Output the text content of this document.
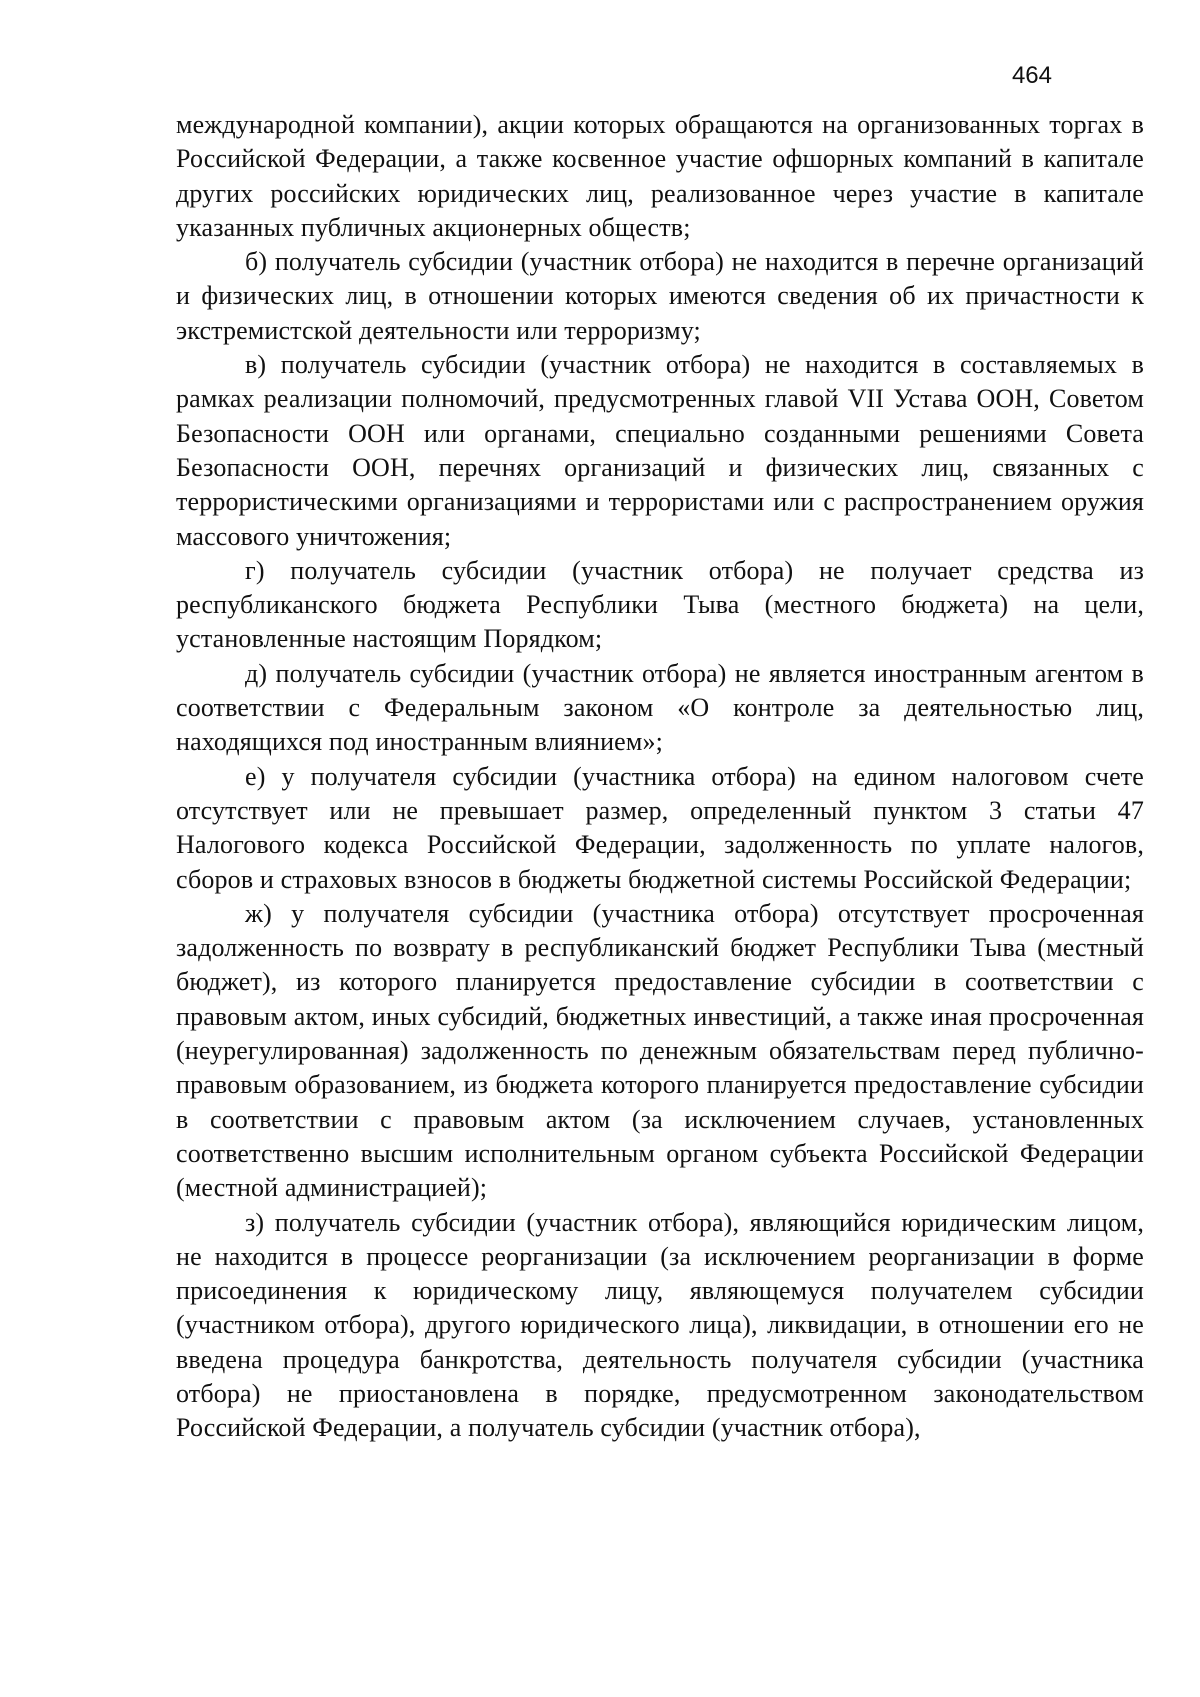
464

международной компании), акции которых обращаются на организованных торгах в Российской Федерации, а также косвенное участие офшорных компаний в капитале других российских юридических лиц, реализованное через участие в капитале указанных публичных акционерных обществ;

б) получатель субсидии (участник отбора) не находится в перечне организаций и физических лиц, в отношении которых имеются сведения об их причастности к экстремистской деятельности или терроризму;

в) получатель субсидии (участник отбора) не находится в составляемых в рамках реализации полномочий, предусмотренных главой VII Устава ООН, Советом Безопасности ООН или органами, специально созданными решениями Совета Безопасности ООН, перечнях организаций и физических лиц, связанных с террористическими организациями и террористами или с распространением оружия массового уничтожения;

г) получатель субсидии (участник отбора) не получает средства из республиканского бюджета Республики Тыва (местного бюджета) на цели, установленные настоящим Порядком;

д) получатель субсидии (участник отбора) не является иностранным агентом в соответствии с Федеральным законом «О контроле за деятельностью лиц, находящихся под иностранным влиянием»;

е) у получателя субсидии (участника отбора) на едином налоговом счете отсутствует или не превышает размер, определенный пунктом 3 статьи 47 Налогового кодекса Российской Федерации, задолженность по уплате налогов, сборов и страховых взносов в бюджеты бюджетной системы Российской Федерации;

ж) у получателя субсидии (участника отбора) отсутствует просроченная задолженность по возврату в республиканский бюджет Республики Тыва (местный бюджет), из которого планируется предоставление субсидии в соответствии с правовым актом, иных субсидий, бюджетных инвестиций, а также иная просроченная (неурегулированная) задолженность по денежным обязательствам перед публично-правовым образованием, из бюджета которого планируется предоставление субсидии в соответствии с правовым актом (за исключением случаев, установленных соответственно высшим исполнительным органом субъекта Российской Федерации (местной администрацией);

з) получатель субсидии (участник отбора), являющийся юридическим лицом, не находится в процессе реорганизации (за исключением реорганизации в форме присоединения к юридическому лицу, являющемуся получателем субсидии (участником отбора), другого юридического лица), ликвидации, в отношении его не введена процедура банкротства, деятельность получателя субсидии (участника отбора) не приостановлена в порядке, предусмотренном законодательством Российской Федерации, а получатель субсидии (участник отбора),
